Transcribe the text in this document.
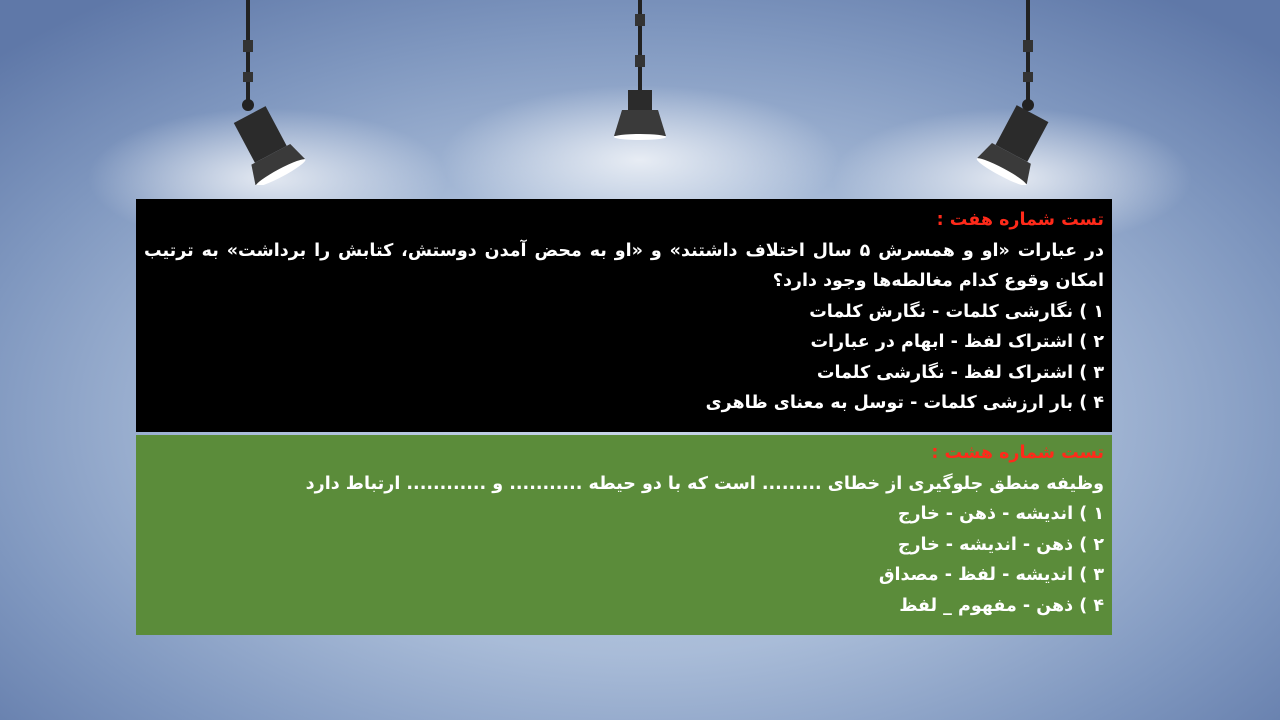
تست شماره هفت :
در عبارات «او و همسرش ۵ سال اختلاف داشتند» و «او به محض آمدن دوستش، کتابش را برداشت» به ترتیب امکان وقوع کدام مغالطه‌ها وجود دارد؟
۱ ) نگارشی کلمات - نگارش کلمات
۲ ) اشتراک لفظ - ابهام در عبارات
۳ ) اشتراک لفظ - نگارشی کلمات
۴ ) بار ارزشی کلمات - توسل به معنای ظاهری
تست شماره هشت :
وظیفه منطق جلوگیری از خطای ......... است که با دو حیطه ........... و ............ ارتباط دارد
۱ ) اندیشه - ذهن - خارج
۲ ) ذهن - اندیشه - خارج
۳ ) اندیشه - لفظ - مصداق
۴ ) ذهن - مفهوم _ لفظ
